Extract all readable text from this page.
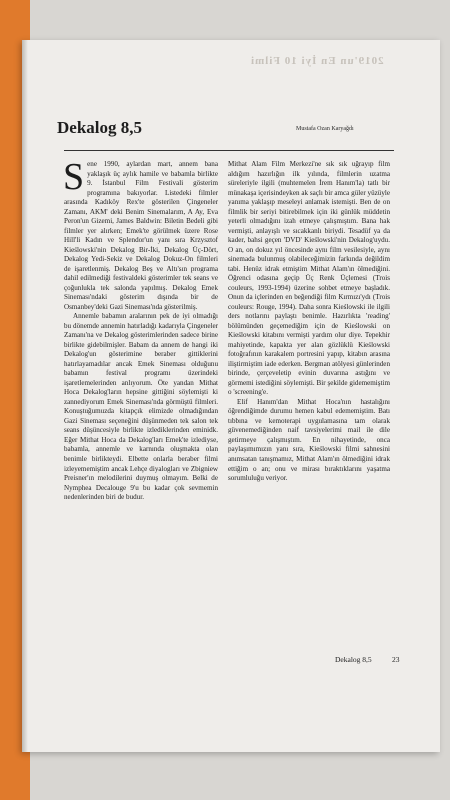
2019'un En İyi 10 Filmi
Dekalog 8,5	Mustafa Ozan Karyağdı

Sene 1990, aylardan mart, annem bana yaklaşık üç aylık hamile ve babamla birlikte 9. İstanbul Film Festivali gösterim programına bakıyorlar. Listedeki filmler arasında Kadıköy Rex'te gösterilen Çingeneler Zamanı, AKM' deki Benim Sinemalarım, A Ay, Eva Peron'un Gizemi, James Baldwin: Biletin Bedeli gibi filmler yer alırken; Emek'te görülmek üzere Rose Hill'li Kadın ve Splendor'un yanı sıra Krzysztof Kieślowski'nin Dekalog Bir-İki, Dekalog Üç-Dört, Dekalog Yedi-Sekiz ve Dekalog Dokuz-On filmleri de işaretlenmiş. Dekalog Beş ve Altı'sın programa dahil edilmediği festivaldeki gösterimler tek seans ve çoğunlukla tek salonda yapılmış. Dekalog Emek Sineması'ndaki gösterim dışında bir de Osmanbey'deki Gazi Sineması'nda gösterilmiş.

Annemle babamın aralarının pek de iyi olmadığı bu dönemde annemin hatırladığı kadarıyla Çingeneler Zamanı'na ve Dekalog gösterimlerinden sadece birine birlikte gidebilmişler. Babam da annem de hangi iki Dekalog'un gösterimine beraber gittiklerini hatırlayamadılar ancak Emek Sineması olduğunu babamın festival programı üzerindeki işaretlemelerinden anlıyorum. Öte yandan Mithat Hoca Dekalog'ların hepsine gittiğini söylemişti ki zannediyorum Emek Sineması'nda görmüştü filmleri. Konuştuğumuzda kitapçık elimizde olmadığından Gazi Sineması seçeneğini düşünmeden tek salon tek seans düşüncesiyle birlikte izlediklerinden eminidk. Eğer Mithat Hoca da Dekalog'ları Emek'te izlediyse, babamla, annemle ve karnında oluşmakta olan benimle birlikteydi. Elbette onlarla beraber filmi izleyememiştim ancak Lehçe diyalogları ve Zbigniew Preisner'ın melodilerini duymuş olmayım. Belki de Nymphea Decalouge 9'u bu kadar çok sevmemin nedenlerinden biri de budur.

Mithat Alam Film Merkezi'ne sık sık uğrayıp film aldığım hazırlığın ilk yılında, filmlerin uzatma süreleriyle ilgili (muhtemelen İrem Hanım'la) tatlı bir münakaşa içerisindeyken ak saçlı bir amca güler yüzüyle yanıma yaklaşıp meseleyi anlamak istemişti. Ben de on filmlik bir seriyi bitirebilmek için iki günlük müddetin yeterli olmadığını izah etmeye çalışmıştım. Bana hak vermişti, anlayışlı ve sıcakkanlı biriydi. Tesadüf ya da kader, bahsi geçen 'DVD' Kieślowski'nin Dekalog'uydu. O an, on dokuz yıl öncesinde aynı film vesilesiyle, aynı sinemada bulunmuş olabileceğimizin farkında değildim tabi. Henüz idrak etmiştim Mithat Alam'ın ölmediğini. Öğrenci odasına geçip Üç Renk Üçlemesi (Trois couleurs, 1993-1994) üzerine sohbet etmeye başladık. Onun da içlerinden en beğendiği film Kırmızı'ydı (Trois couleurs: Rouge, 1994). Daha sonra Kieślowski ile ilgili ders notlarını paylaştı benimle. Hazırlıkta 'reading' bölümünden geçemediğim için de Kieślowski on Kieślowski kitabını vermişti yardım olur diye. Tepekhir mahiyetinde, kapakta yer alan gözlüklü Kieślowski fotoğrafının karakalem portresini yapıp, kitabın arasına iliştirmiştim iade ederken. Bergman atölyesi günlerinden birinde, çerçeveletip evinin duvarına astığını ve görmemi istediğini söylemişti. Bir şekilde gidememiştim o 'screening'e.

Elif Hanım'dan Mithat Hoca'nın hastalığını öğrendiğimde durumu hemen kabul edememiştim. Batı tıbbına ve kemoterapi uygulamasına tam olarak güvenemediğinden naif tavsiyelerimi mail ile dile getirmeye çalışmıştım. En nihayetinde, onca paylaşımımızın yanı sıra, Kieślowski filmi sahnesini anımsatan tanışmamız, Mithat Alam'ın ölmediğini idrak ettiğim o an; onu ve mirası bıraktıklarını yaşatma sorumluluğu veriyor.

Dekalog 8,5	23
